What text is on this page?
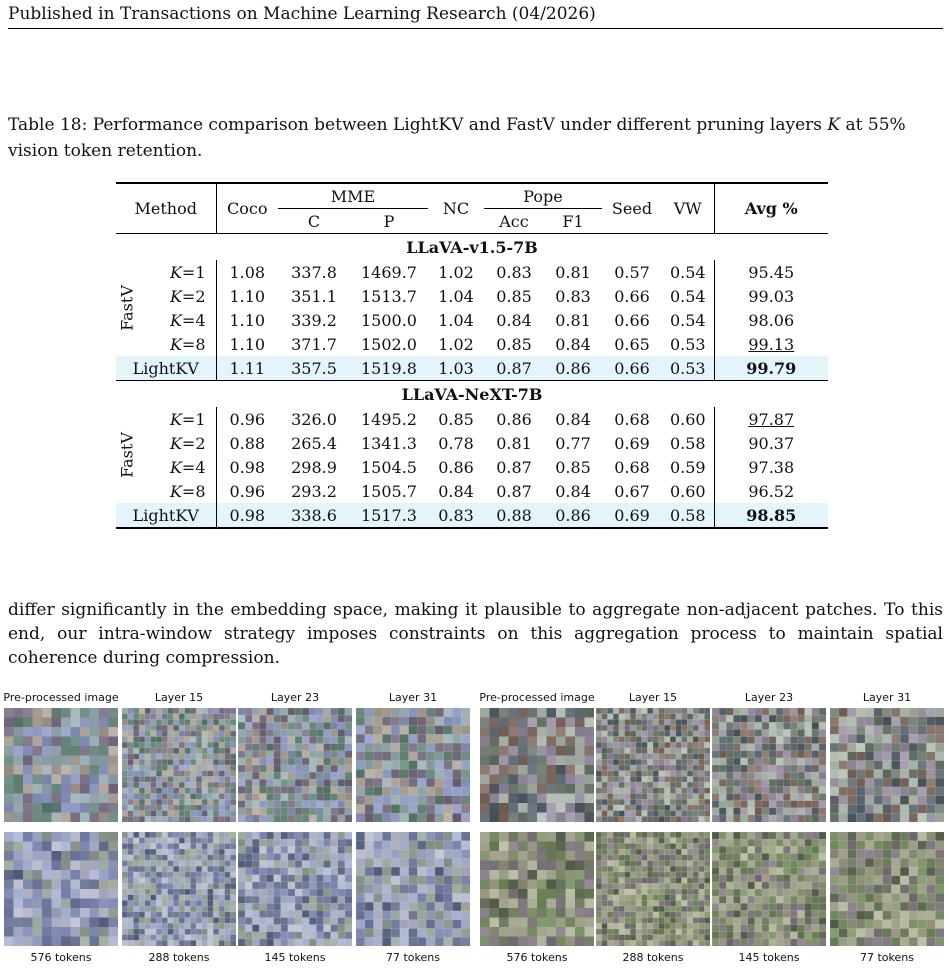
Published in Transactions on Machine Learning Research (04/2026)
Table 18: Performance comparison between LightKV and FastV under different pruning layers K at 55% vision token retention.

Method		Coco	MME		NC	Pope		Seed	VW	Avg %
			C	P		Acc	F1			

LLaVA-v1.5-7B										

FastV	K=1	1.08	337.8	1469.7	1.02	0.83	0.81	0.57	0.54	95.45
	K=2	1.10	351.1	1513.7	1.04	0.85	0.83	0.66	0.54	99.03
	K=4	1.10	339.2	1500.0	1.04	0.84	0.81	0.66	0.54	98.06
	K=8	1.10	371.7	1502.0	1.02	0.85	0.84	0.65	0.53	99.13
LightKV		1.11	357.5	1519.8	1.03	0.87	0.86	0.66	0.53	99.79

LLaVA-NeXT-7B										

FastV	K=1	0.96	326.0	1495.2	0.85	0.86	0.84	0.68	0.60	97.87
	K=2	0.88	265.4	1341.3	0.78	0.81	0.77	0.69	0.58	90.37
	K=4	0.98	298.9	1504.5	0.86	0.87	0.85	0.68	0.59	97.38
	K=8	0.96	293.2	1505.7	0.84	0.87	0.84	0.67	0.60	96.52
LightKV		0.98	338.6	1517.3	0.83	0.88	0.86	0.69	0.58	98.85

differ significantly in the embedding space, making it plausible to aggregate non-adjacent patches. To this end, our intra-window strategy imposes constraints on this aggregation process to maintain spatial coherence during compression.
Pre-processed image
576 tokens
Layer 15
288 tokens
Layer 23
145 tokens
Layer 31
77 tokens
Pre-processed image
576 tokens
Layer 15
288 tokens
Layer 23
145 tokens
Layer 31
77 tokens
